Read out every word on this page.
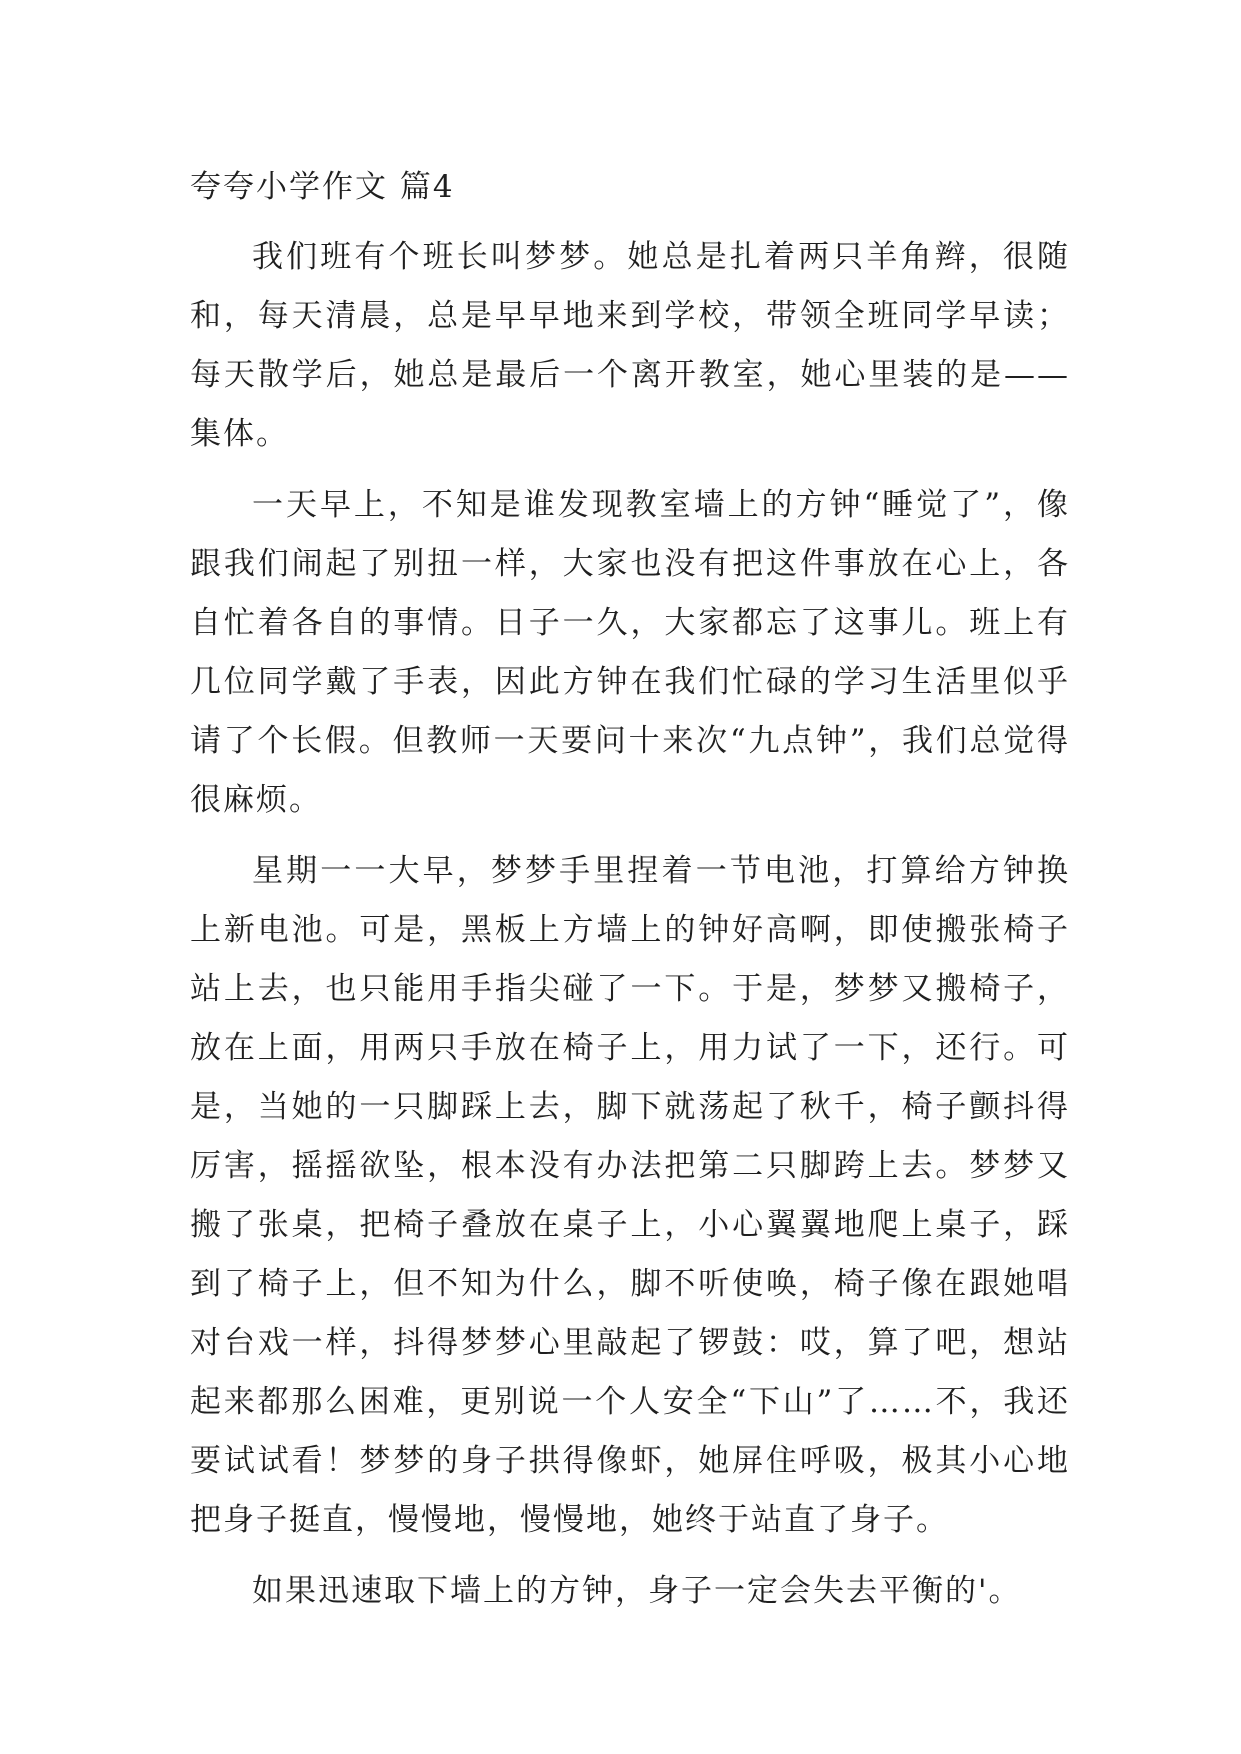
夸夸小学作文 篇4

我们班有个班长叫梦梦。她总是扎着两只羊角辫，很随和，每天清晨，总是早早地来到学校，带领全班同学早读；每天散学后，她总是最后一个离开教室，她心里装的是——集体。

一天早上，不知是谁发现教室墙上的方钟“睡觉了”，像跟我们闹起了别扭一样，大家也没有把这件事放在心上，各自忙着各自的事情。日子一久，大家都忘了这事儿。班上有几位同学戴了手表，因此方钟在我们忙碌的学习生活里似乎请了个长假。但教师一天要问十来次“九点钟”，我们总觉得很麻烦。

星期一一大早，梦梦手里捏着一节电池，打算给方钟换上新电池。可是，黑板上方墙上的钟好高啊，即使搬张椅子站上去，也只能用手指尖碰了一下。于是，梦梦又搬椅子，放在上面，用两只手放在椅子上，用力试了一下，还行。可是，当她的一只脚踩上去，脚下就荡起了秋千，椅子颤抖得厉害，摇摇欲坠，根本没有办法把第二只脚跨上去。梦梦又搬了张桌，把椅子叠放在桌子上，小心翼翼地爬上桌子，踩到了椅子上，但不知为什么，脚不听使唤，椅子像在跟她唱对台戏一样，抖得梦梦心里敲起了锣鼓：哎，算了吧，想站起来都那么困难，更别说一个人安全“下山”了……不，我还要试试看！梦梦的身子拱得像虾，她屏住呼吸，极其小心地把身子挺直，慢慢地，慢慢地，她终于站直了身子。

如果迅速取下墙上的方钟，身子一定会失去平衡的'。
